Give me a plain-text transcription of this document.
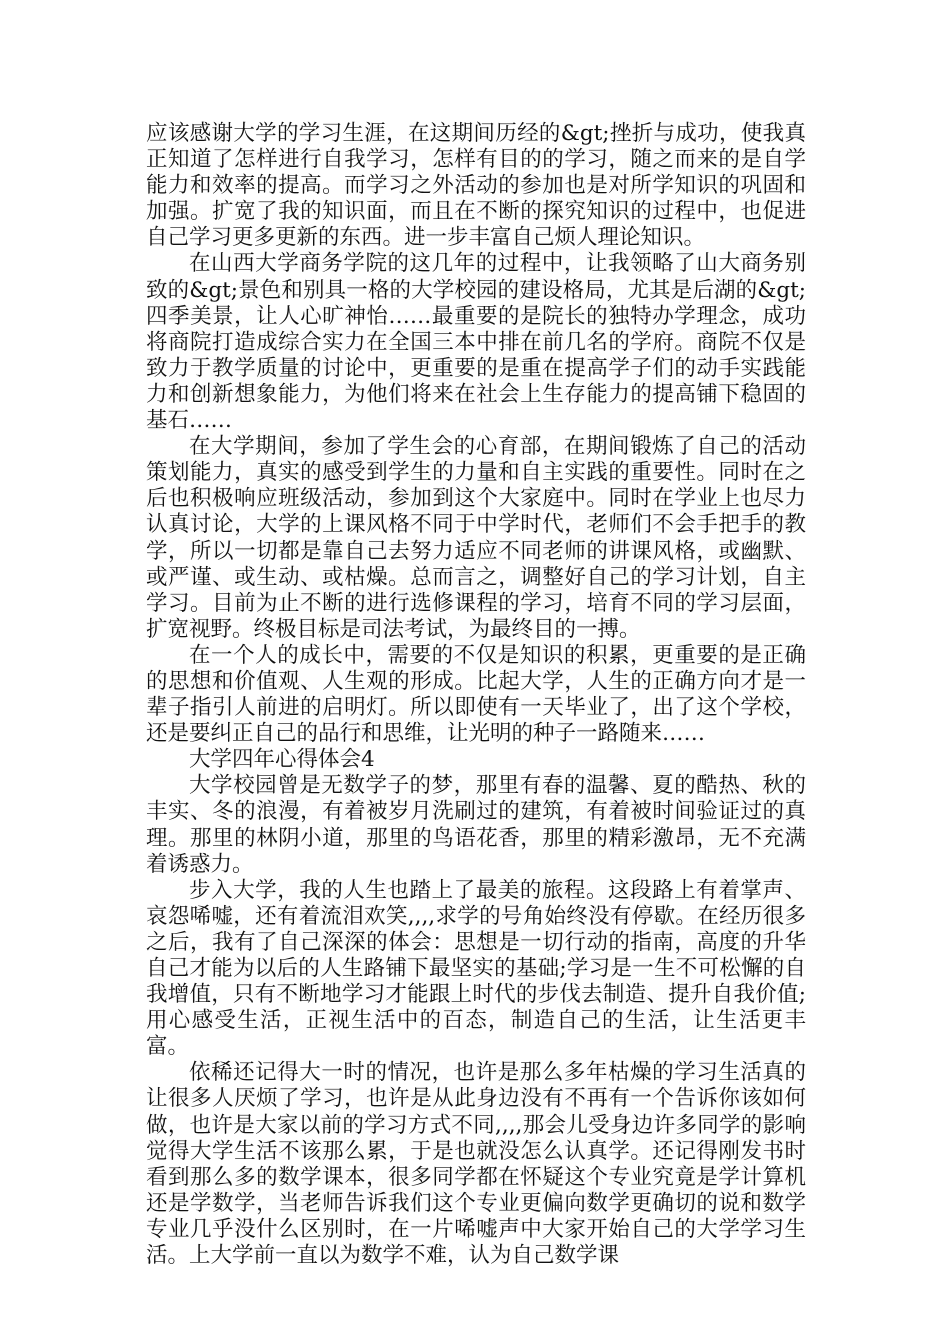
应该感谢大学的学习生涯，在这期间历经的&gt;挫折与成功，使我真正知道了怎样进行自我学习，怎样有目的的学习，随之而来的是自学能力和效率的提高。而学习之外活动的参加也是对所学知识的巩固和加强。扩宽了我的知识面，而且在不断的探究知识的过程中，也促进自己学习更多更新的东西。进一步丰富自己烦人理论知识。

在山西大学商务学院的这几年的过程中，让我领略了山大商务别致的&gt;景色和别具一格的大学校园的建设格局，尤其是后湖的&gt;四季美景，让人心旷神怡……最重要的是院长的独特办学理念，成功将商院打造成综合实力在全国三本中排在前几名的学府。商院不仅是致力于教学质量的讨论中，更重要的是重在提高学子们的动手实践能力和创新想象能力，为他们将来在社会上生存能力的提高铺下稳固的基石……

在大学期间，参加了学生会的心育部，在期间锻炼了自己的活动策划能力，真实的感受到学生的力量和自主实践的重要性。同时在之后也积极响应班级活动，参加到这个大家庭中。同时在学业上也尽力认真讨论，大学的上课风格不同于中学时代，老师们不会手把手的教学，所以一切都是靠自己去努力适应不同老师的讲课风格，或幽默、或严谨、或生动、或枯燥。总而言之，调整好自己的学习计划，自主学习。目前为止不断的进行选修课程的学习，培育不同的学习层面，扩宽视野。终极目标是司法考试，为最终目的一搏。

在一个人的成长中，需要的不仅是知识的积累，更重要的是正确的思想和价值观、人生观的形成。比起大学，人生的正确方向才是一辈子指引人前进的启明灯。所以即使有一天毕业了，出了这个学校，还是要纠正自己的品行和思维，让光明的种子一路随来……

大学四年心得体会4

大学校园曾是无数学子的梦，那里有春的温馨、夏的酷热、秋的丰实、冬的浪漫，有着被岁月洗刷过的建筑，有着被时间验证过的真理。那里的林阴小道，那里的鸟语花香，那里的精彩激昂，无不充满着诱惑力。

步入大学，我的人生也踏上了最美的旅程。这段路上有着掌声、哀怨唏嘘，还有着流泪欢笑,,,,求学的号角始终没有停歇。在经历很多之后，我有了自己深深的体会：思想是一切行动的指南，高度的升华自己才能为以后的人生路铺下最坚实的基础;学习是一生不可松懈的自我增值，只有不断地学习才能跟上时代的步伐去制造、提升自我价值;用心感受生活，正视生活中的百态，制造自己的生活，让生活更丰富。

依稀还记得大一时的情况，也许是那么多年枯燥的学习生活真的让很多人厌烦了学习，也许是从此身边没有不再有一个告诉你该如何做，也许是大家以前的学习方式不同,,,,那会儿受身边许多同学的影响觉得大学生活不该那么累，于是也就没怎么认真学。还记得刚发书时看到那么多的数学课本，很多同学都在怀疑这个专业究竟是学计算机还是学数学，当老师告诉我们这个专业更偏向数学更确切的说和数学专业几乎没什么区别时，在一片唏嘘声中大家开始自己的大学学习生活。上大学前一直以为数学不难，认为自己数学课
